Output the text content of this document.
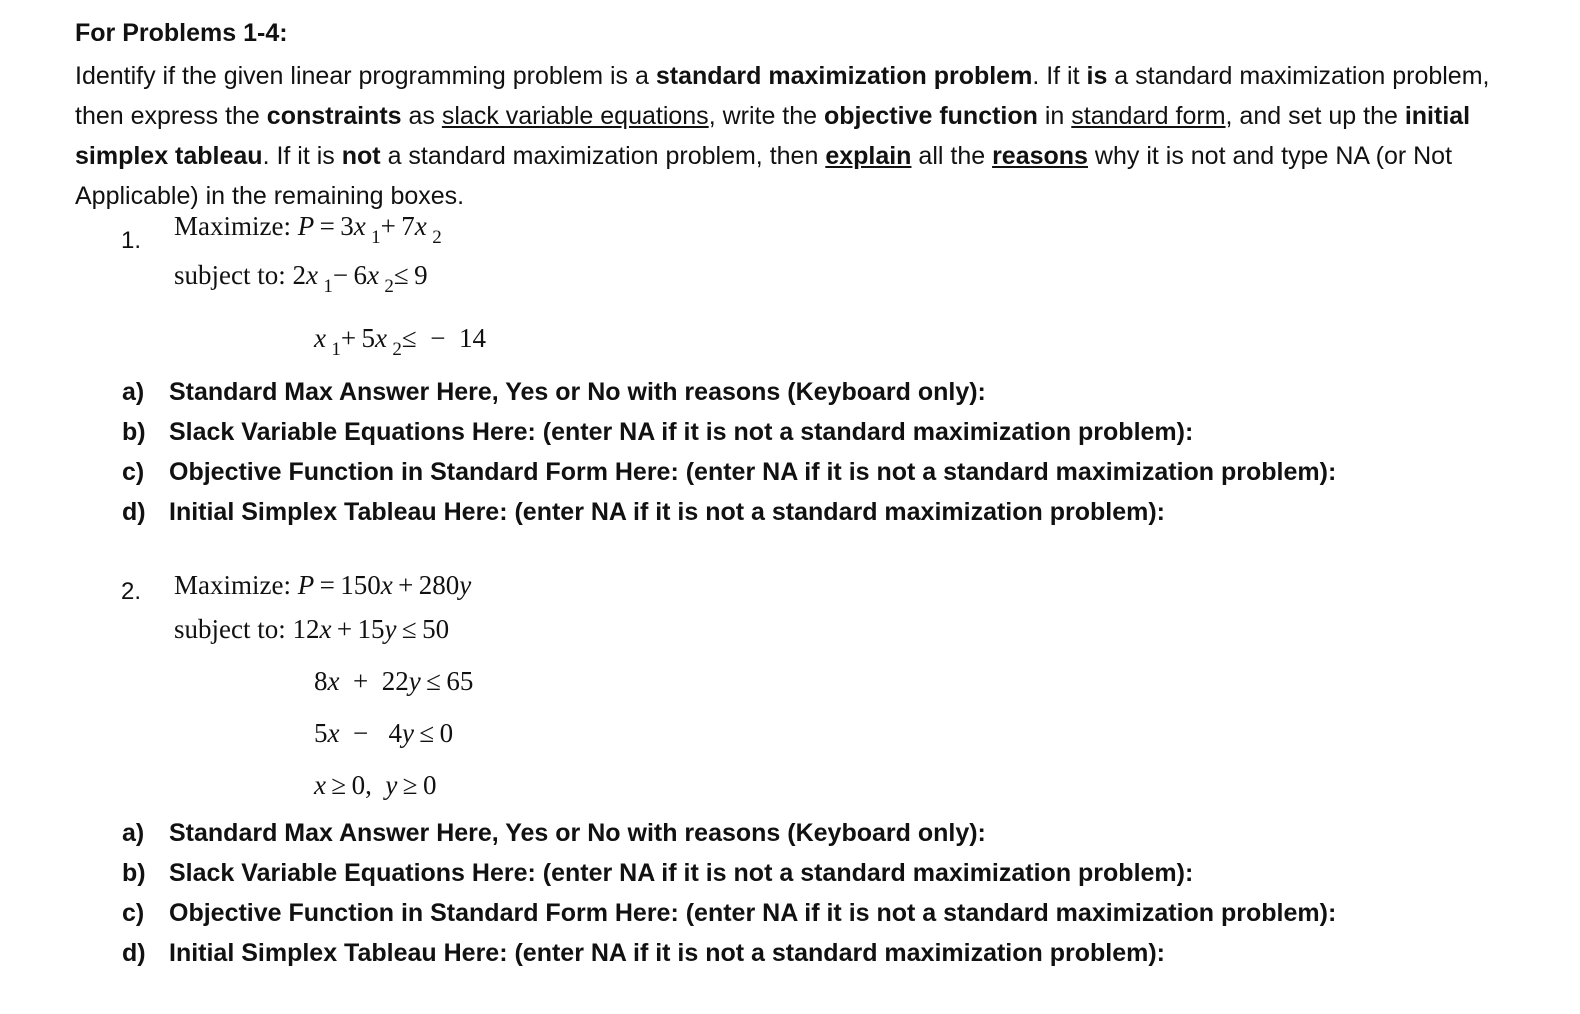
For Problems 1-4:
Identify if the given linear programming problem is a standard maximization problem. If it is a standard maximization problem, then express the constraints as slack variable equations, write the objective function in standard form, and set up the initial simplex tableau. If it is not a standard maximization problem, then explain all the reasons why it is not and type NA (or Not Applicable) in the remaining boxes.
1. Maximize: P = 3x  $_1$+ 7x  $_2$
subject to: 2x  $_1$− 6x  $_2$≤ 9
x  $_1$+ 5x  $_2$≤  −  14
a) Standard Max Answer Here, Yes or No with reasons (Keyboard only):
b) Slack Variable Equations Here: (enter NA if it is not a standard maximization problem):
c) Objective Function in Standard Form Here: (enter NA if it is not a standard maximization problem):
d) Initial Simplex Tableau Here: (enter NA if it is not a standard maximization problem):
2. Maximize: P = 150x + 280y
subject to: 12x + 15y ≤ 50
8x  +  22y ≤ 65
5x  −   4y ≤ 0
x ≥ 0,  y ≥ 0
a) Standard Max Answer Here, Yes or No with reasons (Keyboard only):
b) Slack Variable Equations Here: (enter NA if it is not a standard maximization problem):
c) Objective Function in Standard Form Here: (enter NA if it is not a standard maximization problem):
d) Initial Simplex Tableau Here: (enter NA if it is not a standard maximization problem):
